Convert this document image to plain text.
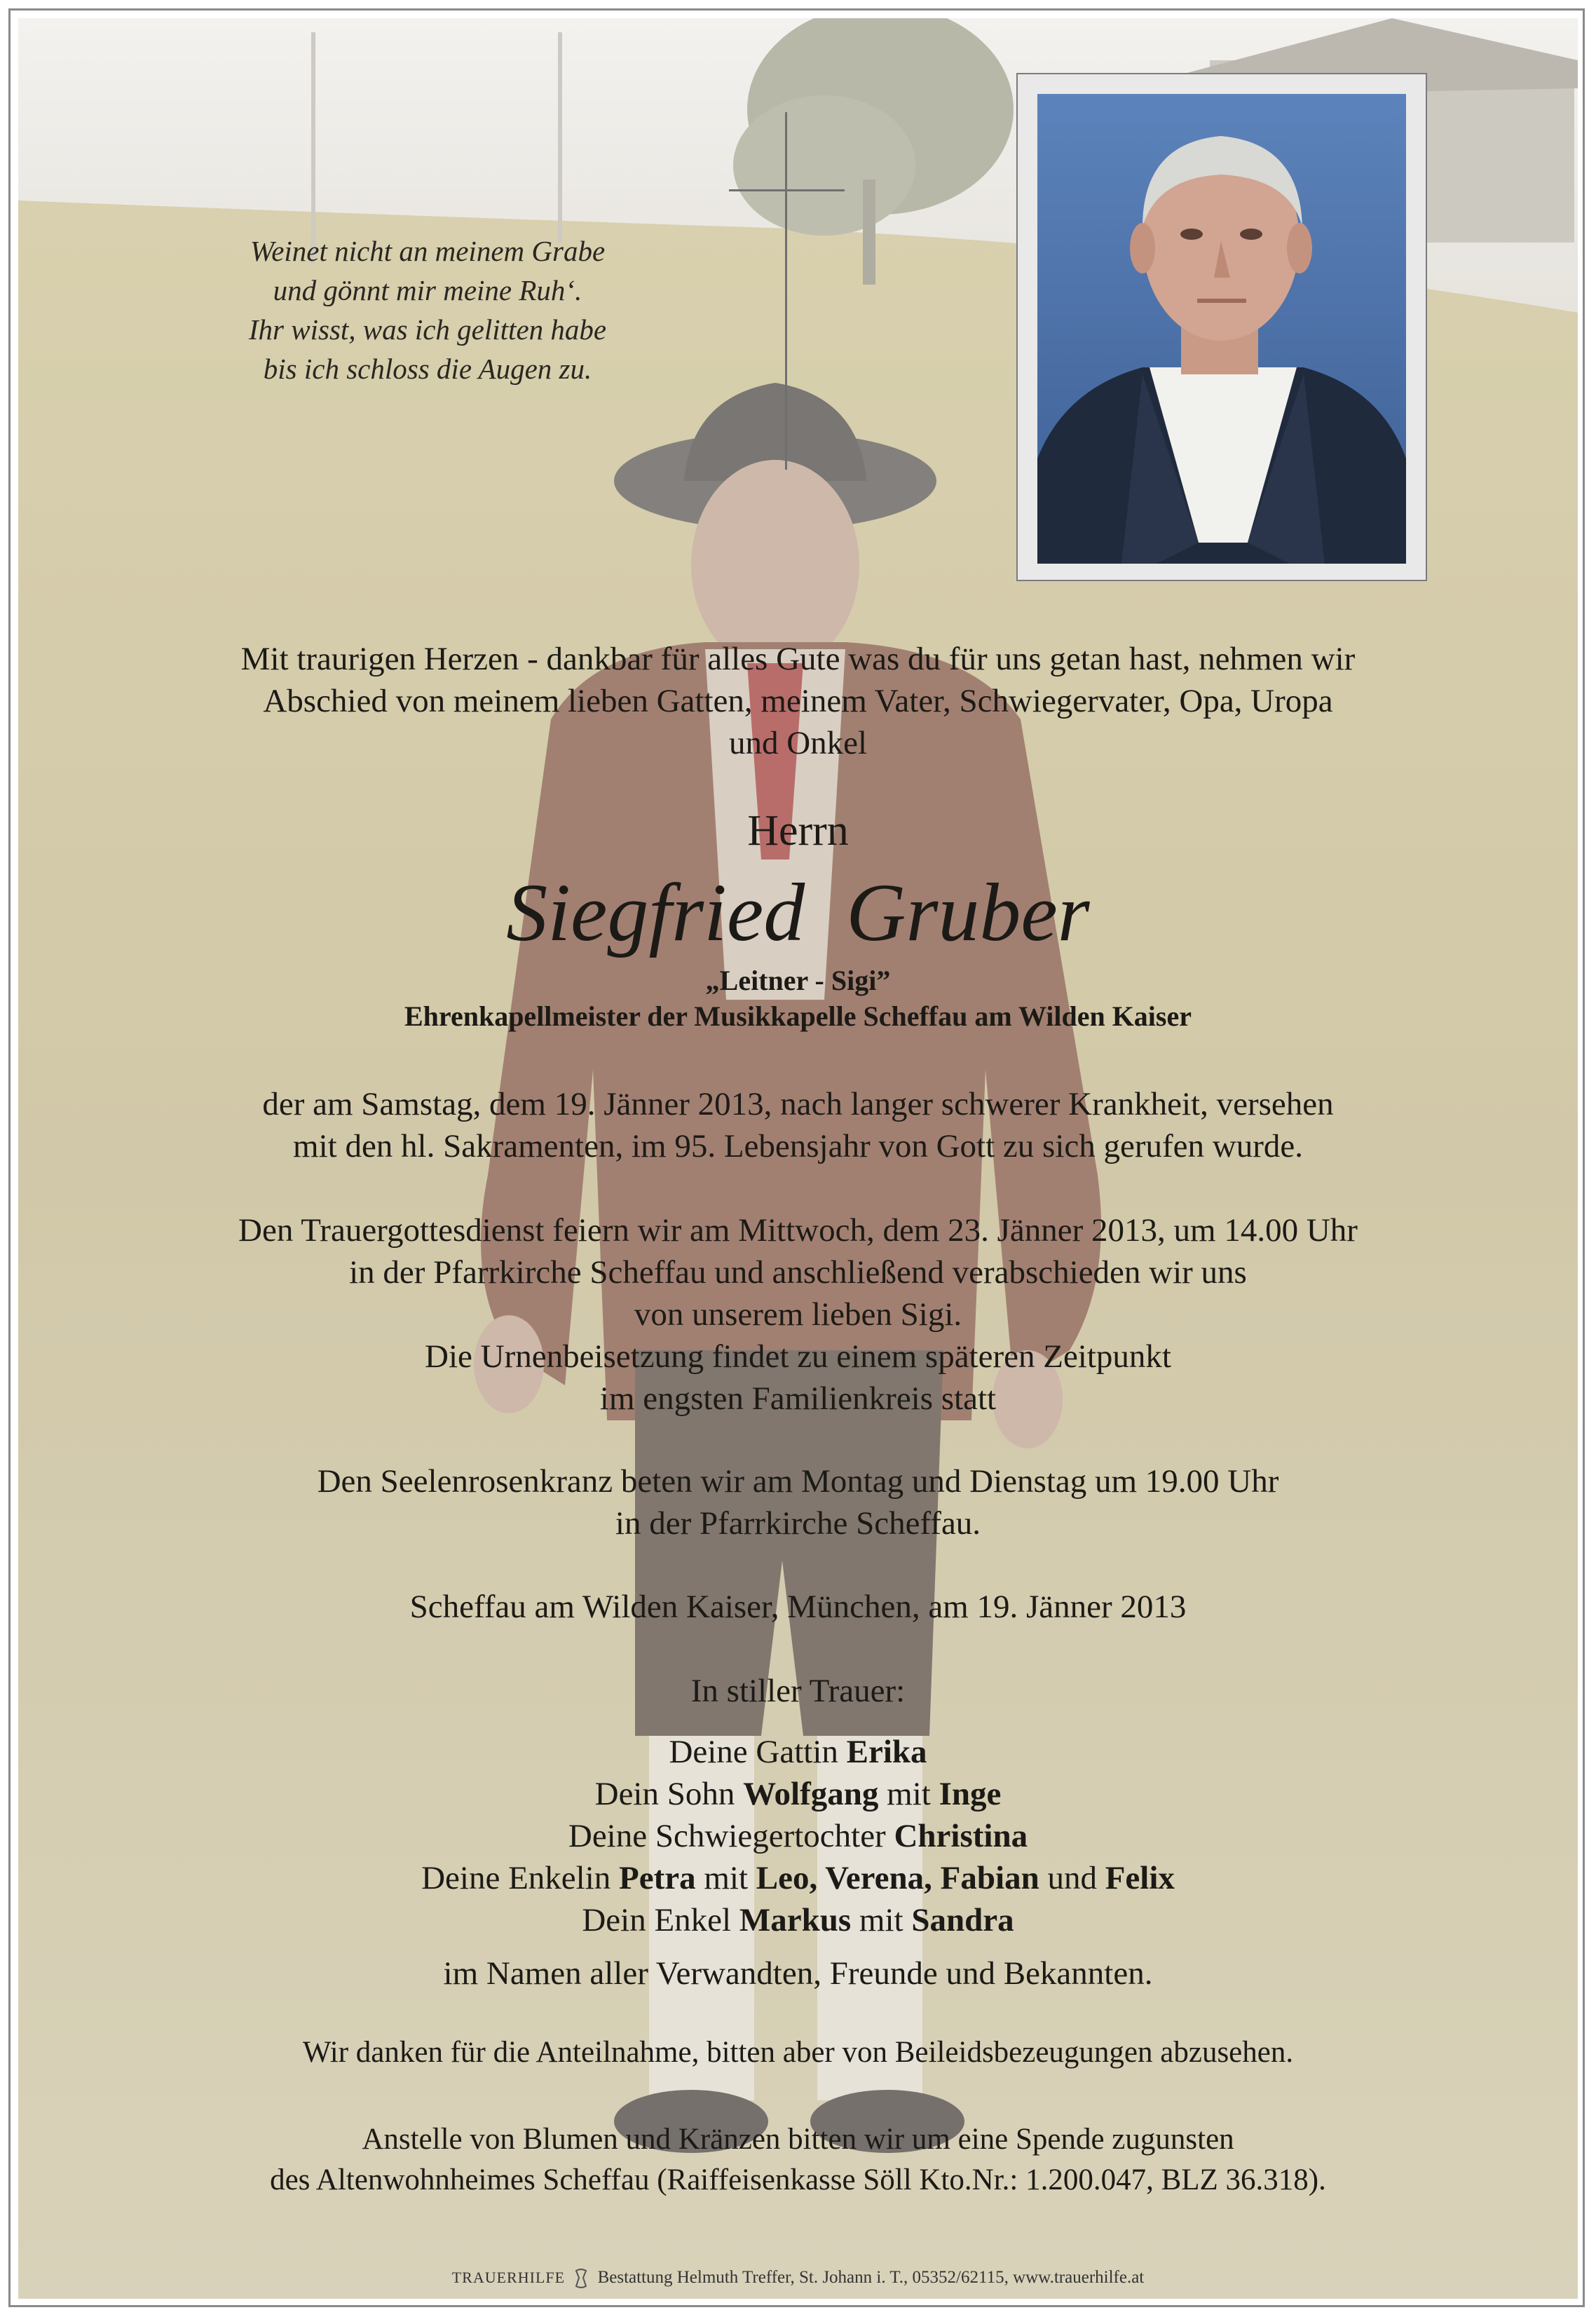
Weinet nicht an meinem Grabe
und gönnt mir meine Ruh‘.
Ihr wisst, was ich gelitten habe
bis ich schloss die Augen zu.
Mit traurigen Herzen - dankbar für alles Gute was du für uns getan hast, nehmen wir
Abschied von meinem lieben Gatten, meinem Vater, Schwiegervater, Opa, Uropa
und Onkel
Herrn
Siegfried  Gruber
„Leitner - Sigi”
Ehrenkapellmeister der Musikkapelle Scheffau am Wilden Kaiser
der am Samstag, dem 19. Jänner 2013, nach langer schwerer Krankheit, versehen
mit den hl. Sakramenten, im 95. Lebensjahr von Gott zu sich gerufen wurde.
Den Trauergottesdienst feiern wir am Mittwoch, dem 23. Jänner 2013, um 14.00 Uhr
in der Pfarrkirche Scheffau und anschließend verabschieden wir uns
von unserem lieben Sigi.
Die Urnenbeisetzung findet zu einem späteren Zeitpunkt
im engsten Familienkreis statt
Den Seelenrosenkranz beten wir am Montag und Dienstag um 19.00 Uhr
in der Pfarrkirche Scheffau.
Scheffau am Wilden Kaiser, München, am 19. Jänner 2013
In stiller Trauer:
Deine Gattin Erika
Dein Sohn Wolfgang mit Inge
Deine Schwiegertochter Christina
Deine Enkelin Petra mit Leo, Verena, Fabian und Felix
Dein Enkel Markus mit Sandra
im Namen aller Verwandten, Freunde und Bekannten.
Wir danken für die Anteilnahme, bitten aber von Beileidsbezeugungen abzusehen.
Anstelle von Blumen und Kränzen bitten wir um eine Spende zugunsten
des Altenwohnheimes Scheffau (Raiffeisenkasse Söll Kto.Nr.: 1.200.047, BLZ 36.318).
TRAUERHILFE Bestattung Helmuth Treffer, St. Johann i. T., 05352/62115, www.trauerhilfe.at
